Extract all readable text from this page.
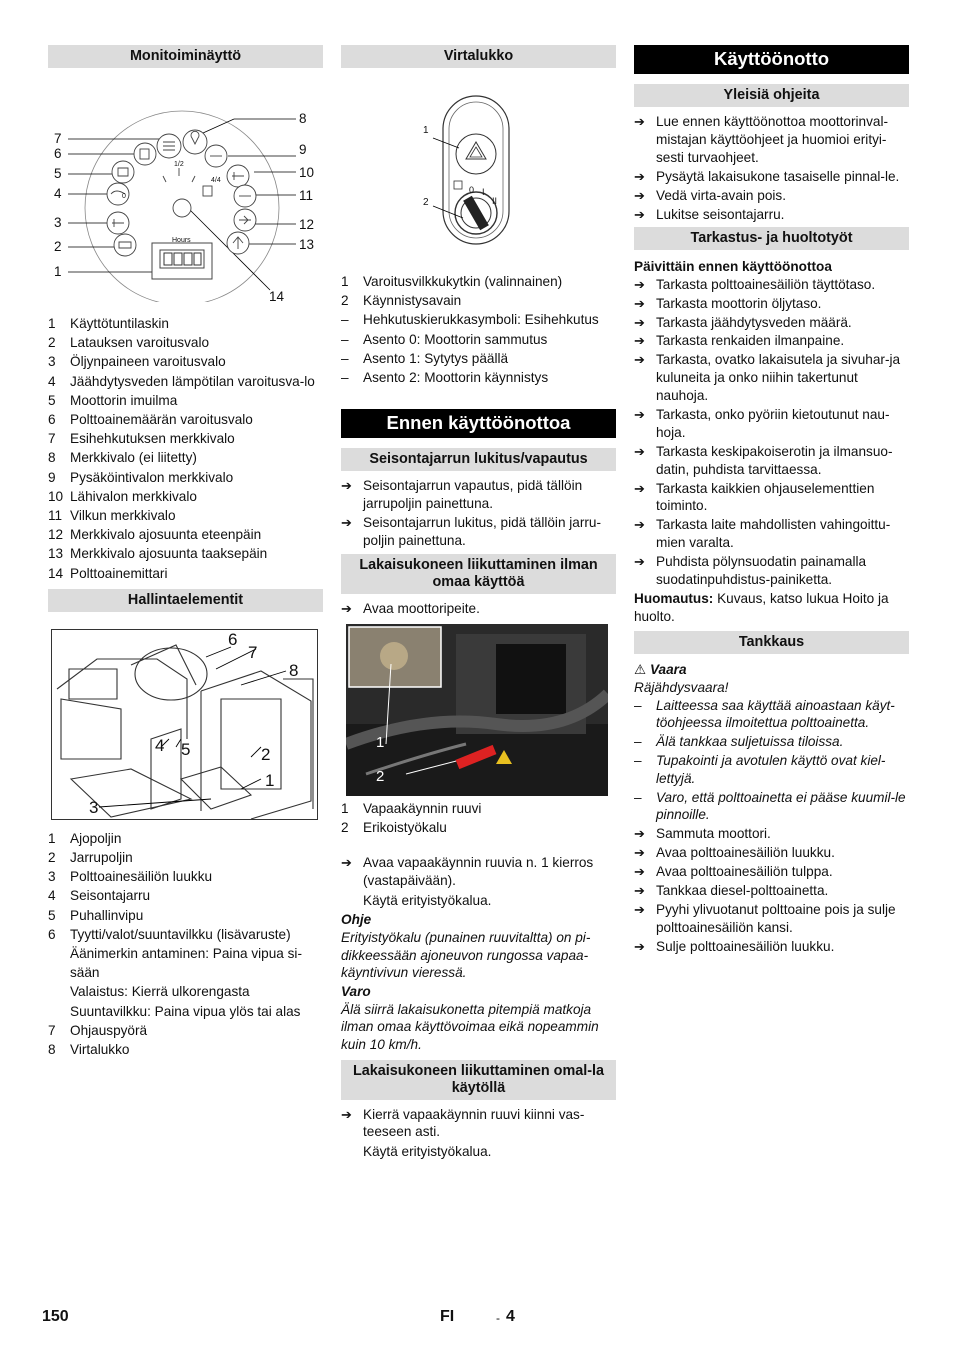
Monitoiminäyttö
0
1/2
4/4
Hours
7
6
5
4
3
2
1
8
9
10
11
12
13
14
1	Käyttötuntilaskin
2	Latauksen varoitusvalo
3	Öljynpaineen varoitusvalo
4	Jäähdytysveden lämpötilan varoitusva-lo
5	Moottorin imuilma
6	Polttoainemäärän varoitusvalo
7	Esihehkutuksen merkkivalo
8	Merkkivalo (ei liitetty)
9	Pysäköintivalon merkkivalo
10 Lähivalon merkkivalo
11 Vilkun merkkivalo
12 Merkkivalo ajosuunta eteenpäin
13 Merkkivalo ajosuunta taaksepäin
14 Polttoainemittari
Hallintaelementit
6
7
8
4 5	2
1
3
1	Ajopoljin
2	Jarrupoljin
3	Polttoainesäiliön luukku
4	Seisontajarru
5	Puhallinvipu
6	Tyytti/valot/suuntavilkku (lisävaruste)
Äänimerkin antaminen: Paina vipua si-sään
Valaistus: Kierrä ulkorengasta
Suuntavilkku: Paina vipua ylös tai alas
7	Ohjauspyörä
8	Virtalukko
Virtalukko
1
2
0 I
II
1	Varoitusvilkkukytkin (valinnainen)
2	Käynnistysavain
–	Hehkutuskierukkasymboli: Esihehkutus
–	Asento 0: Moottorin sammutus
–	Asento 1: Sytytys päällä
–	Asento 2: Moottorin käynnistys
Ennen käyttöönottoa
Seisontajarrun lukitus/vapautus
➔ Seisontajarrun vapautus, pidä tällöin jarrupoljin painettuna.
➔ Seisontajarrun lukitus, pidä tällöin jarru-poljin painettuna.
Lakaisukoneen liikuttaminen ilman omaa käyttöä
➔ Avaa moottoripeite.
1
2
1	Vapaakäynnin ruuvi
2	Erikoistyökalu
➔ Avaa vapaakäynnin ruuvia n. 1 kierros (vastapäivään).
Käytä erityistyökalua.
Ohje
Erityistyökalu (punainen ruuvitaltta) on pi-dikkeessään ajoneuvon rungossa vapaa-käyntivivun vieressä.
Varo
Älä siirrä lakaisukonetta pitempiä matkoja ilman omaa käyttövoimaa eikä nopeammin kuin 10 km/h.
Lakaisukoneen liikuttaminen omal-la käytöllä
➔ Kierrä vapaakäynnin ruuvi kiinni vas-teeseen asti.
Käytä erityistyökalua.
Käyttöönotto
Yleisiä ohjeita
➔ Lue ennen käyttöönottoa moottorinval-mistajan käyttöohjeet ja huomioi erityi-sesti turvaohjeet.
➔ Pysäytä lakaisukone tasaiselle pinnal-le.
➔ Vedä virta-avain pois.
➔ Lukitse seisontajarru.
Tarkastus- ja huoltotyöt
Päivittäin ennen käyttöönottoa
➔ Tarkasta polttoainesäiliön täyttötaso.
➔ Tarkasta moottorin öljytaso.
➔ Tarkasta jäähdytysveden määrä.
➔ Tarkasta renkaiden ilmanpaine.
➔ Tarkasta, ovatko lakaisutela ja sivuhar-ja kuluneita ja onko niihin takertunut nauhoja.
➔ Tarkasta, onko pyöriin kietoutunut nau-hoja.
➔ Tarkasta keskipakoiserotin ja ilmansuo-datin, puhdista tarvittaessa.
➔ Tarkasta kaikkien ohjauselementtien toiminto.
➔ Tarkasta laite mahdollisten vahingoittu-mien varalta.
➔ Puhdista pölynsuodatin painamalla suodatinpuhdistus-painiketta.
Huomautus: Kuvaus, katso lukua Hoito ja huolto.
Tankkaus
⚠ Vaara
Räjähdysvaara!
–	Laitteessa saa käyttää ainoastaan käyt-töohjeessa ilmoitettua polttoainetta.
–	Älä tankkaa suljetuissa tiloissa.
–	Tupakointi ja avotulen käyttö ovat kiel-lettyjä.
–	Varo, että polttoainetta ei pääse kuumil-le pinnoille.
➔ Sammuta moottori.
➔ Avaa polttoainesäiliön luukku.
➔ Avaa polttoainesäiliön tulppa.
➔ Tankkaa diesel-polttoainetta.
➔ Pyyhi ylivuotanut polttoaine pois ja sulje polttoainesäiliön kansi.
➔ Sulje polttoainesäiliön luukku.
150	FI	- 4
